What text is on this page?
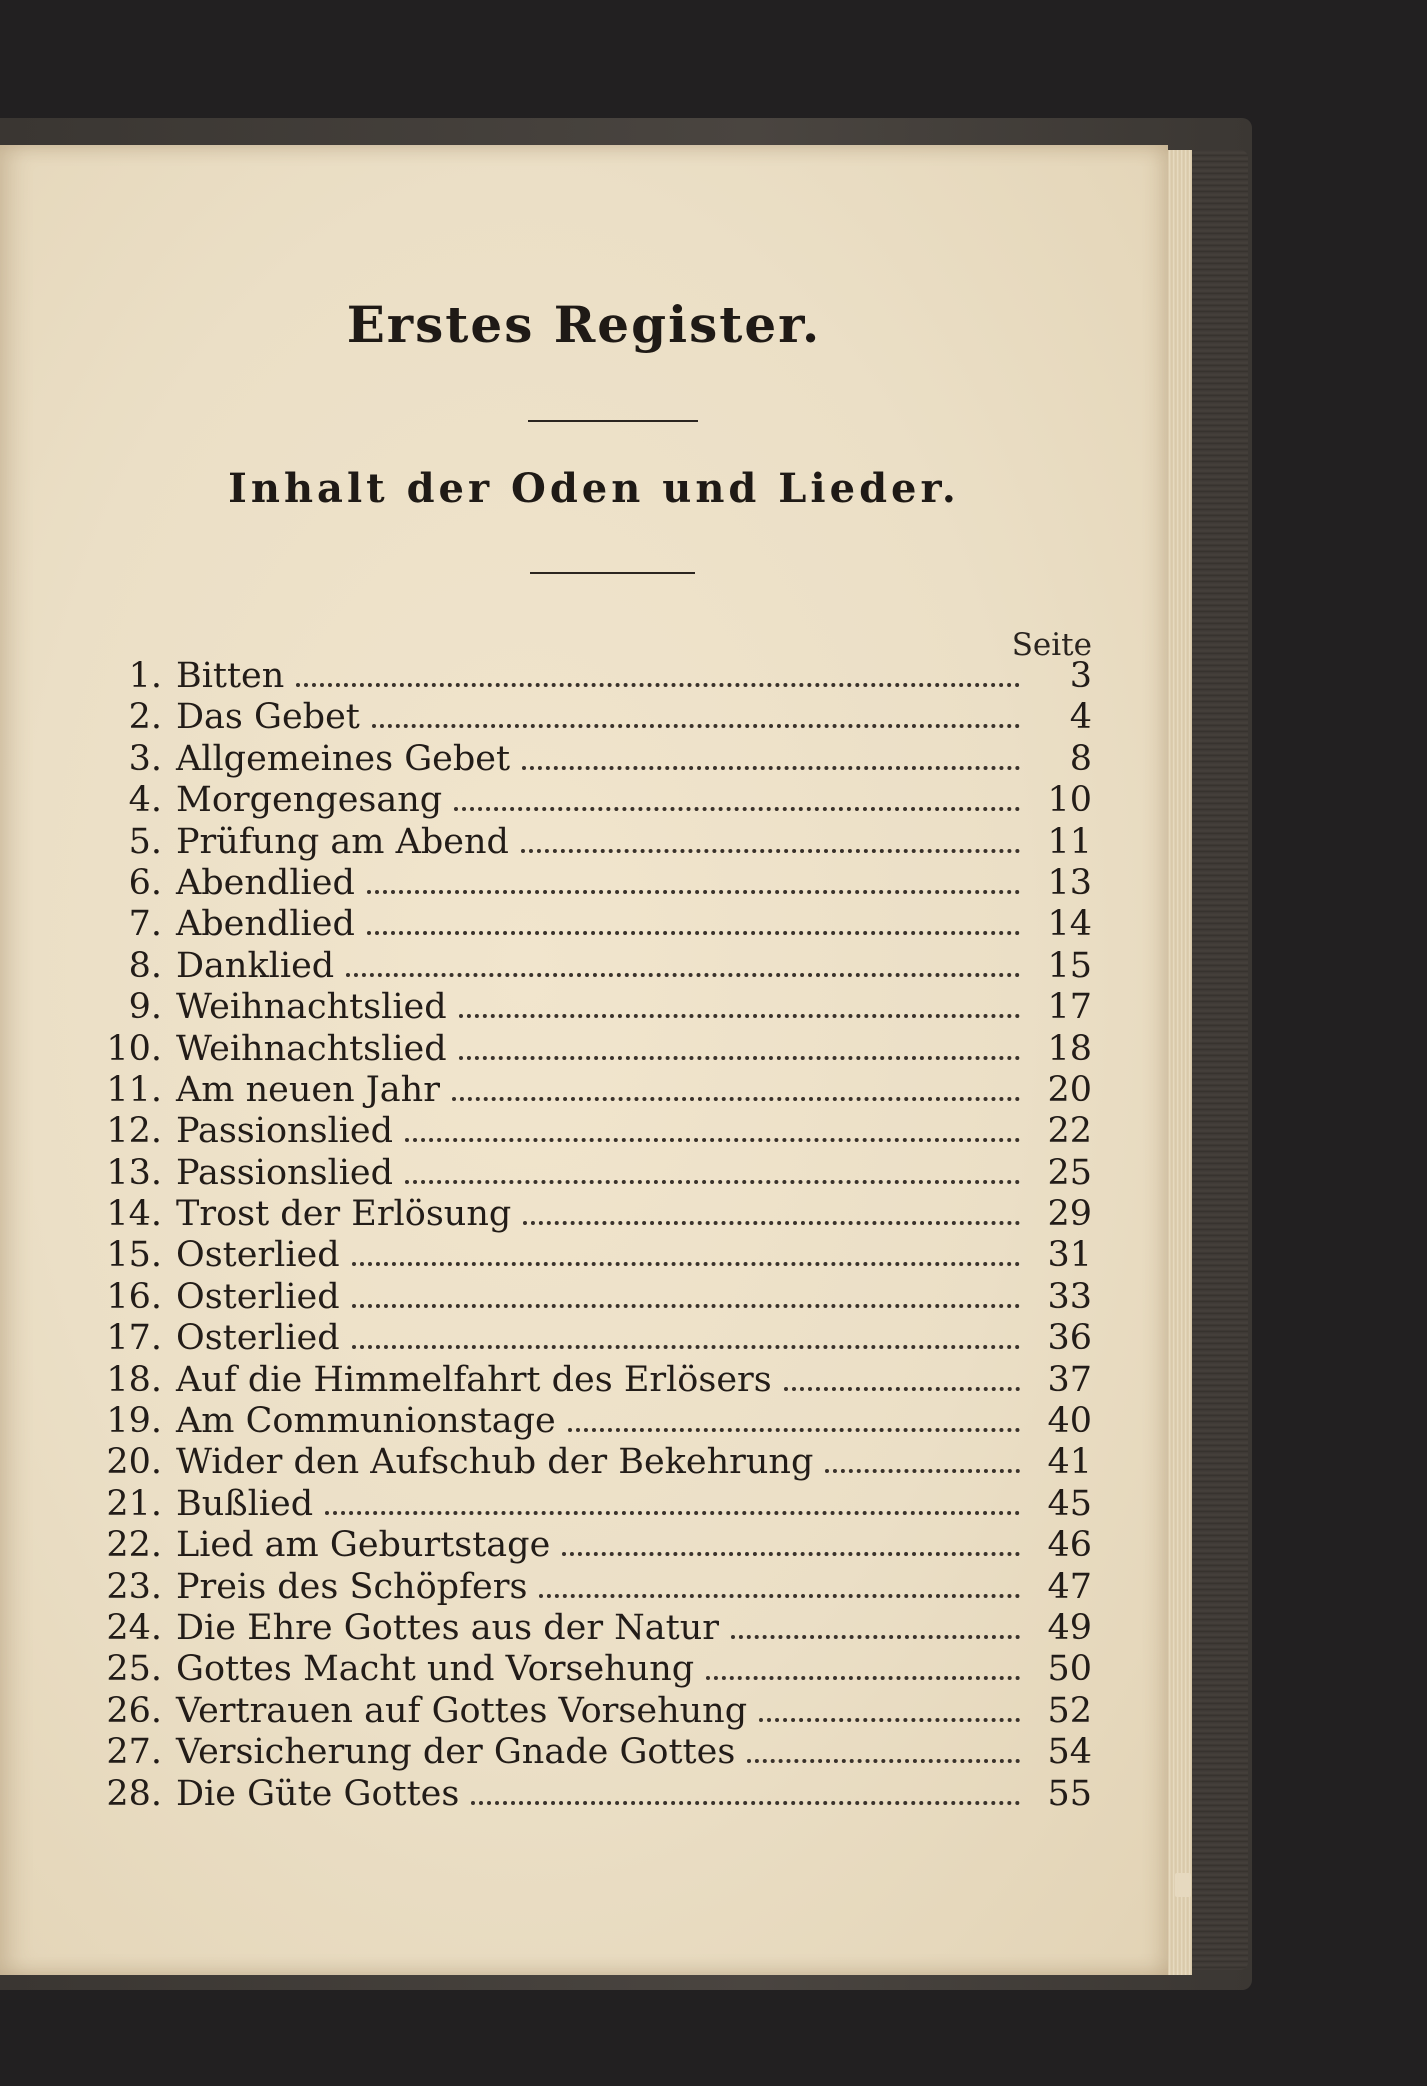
Erstes Register.
Inhalt der Oden und Lieder.
Seite
1. Bitten	3
2. Das Gebet	4
3. Allgemeines Gebet	8
4. Morgengesang	10
5. Prüfung am Abend	11
6. Abendlied	13
7. Abendlied	14
8. Danklied	15
9. Weihnachtslied	17
10. Weihnachtslied	18
11. Am neuen Jahr	20
12. Passionslied	22
13. Passionslied	25
14. Trost der Erlösung	29
15. Osterlied	31
16. Osterlied	33
17. Osterlied	36
18. Auf die Himmelfahrt des Erlösers	37
19. Am Communionstage	40
20. Wider den Aufschub der Bekehrung	41
21. Bußlied	45
22. Lied am Geburtstage	46
23. Preis des Schöpfers	47
24. Die Ehre Gottes aus der Natur	49
25. Gottes Macht und Vorsehung	50
26. Vertrauen auf Gottes Vorsehung	52
27. Versicherung der Gnade Gottes	54
28. Die Güte Gottes	55
